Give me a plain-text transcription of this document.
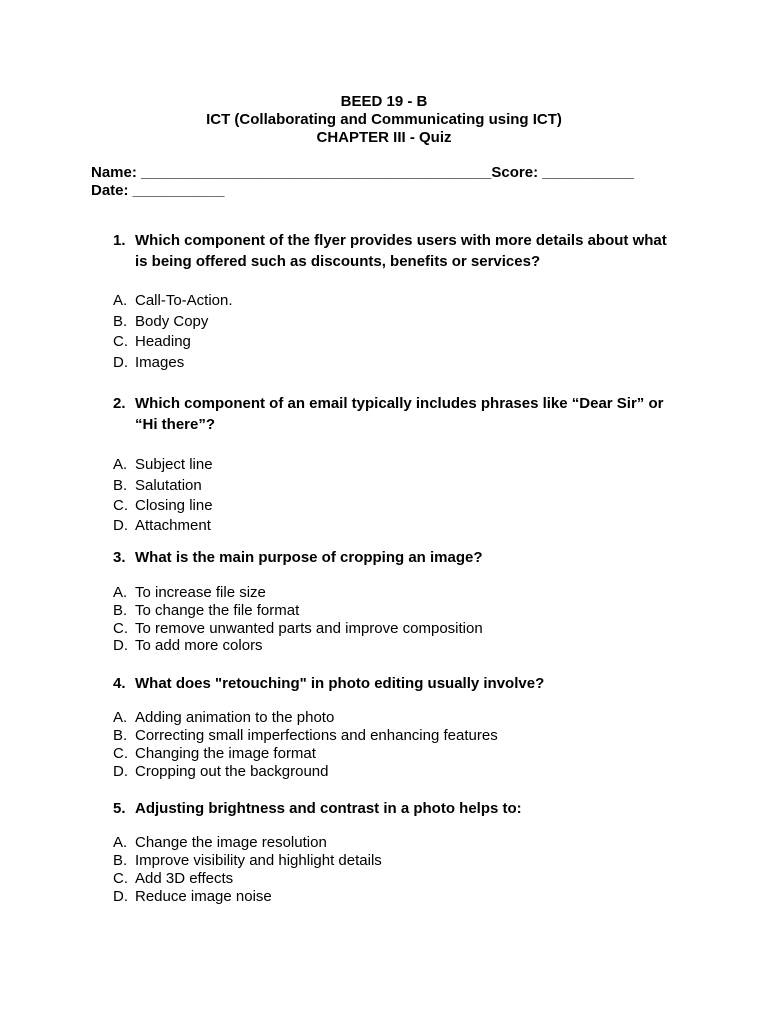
BEED 19 - B
ICT (Collaborating and Communicating using ICT)
CHAPTER III - Quiz
Name: __________________________________________Score: ___________
Date: ___________
1. Which component of the flyer provides users with more details about what is being offered such as discounts, benefits or services?
A. Call-To-Action.
B. Body Copy
C. Heading
D. Images
2. Which component of an email typically includes phrases like “Dear Sir” or “Hi there”?
A. Subject line
B. Salutation
C. Closing line
D. Attachment
3. What is the main purpose of cropping an image?
A. To increase file size
B. To change the file format
C. To remove unwanted parts and improve composition
D. To add more colors
4. What does "retouching" in photo editing usually involve?
A. Adding animation to the photo
B. Correcting small imperfections and enhancing features
C. Changing the image format
D. Cropping out the background
5. Adjusting brightness and contrast in a photo helps to:
A. Change the image resolution
B. Improve visibility and highlight details
C. Add 3D effects
D. Reduce image noise
